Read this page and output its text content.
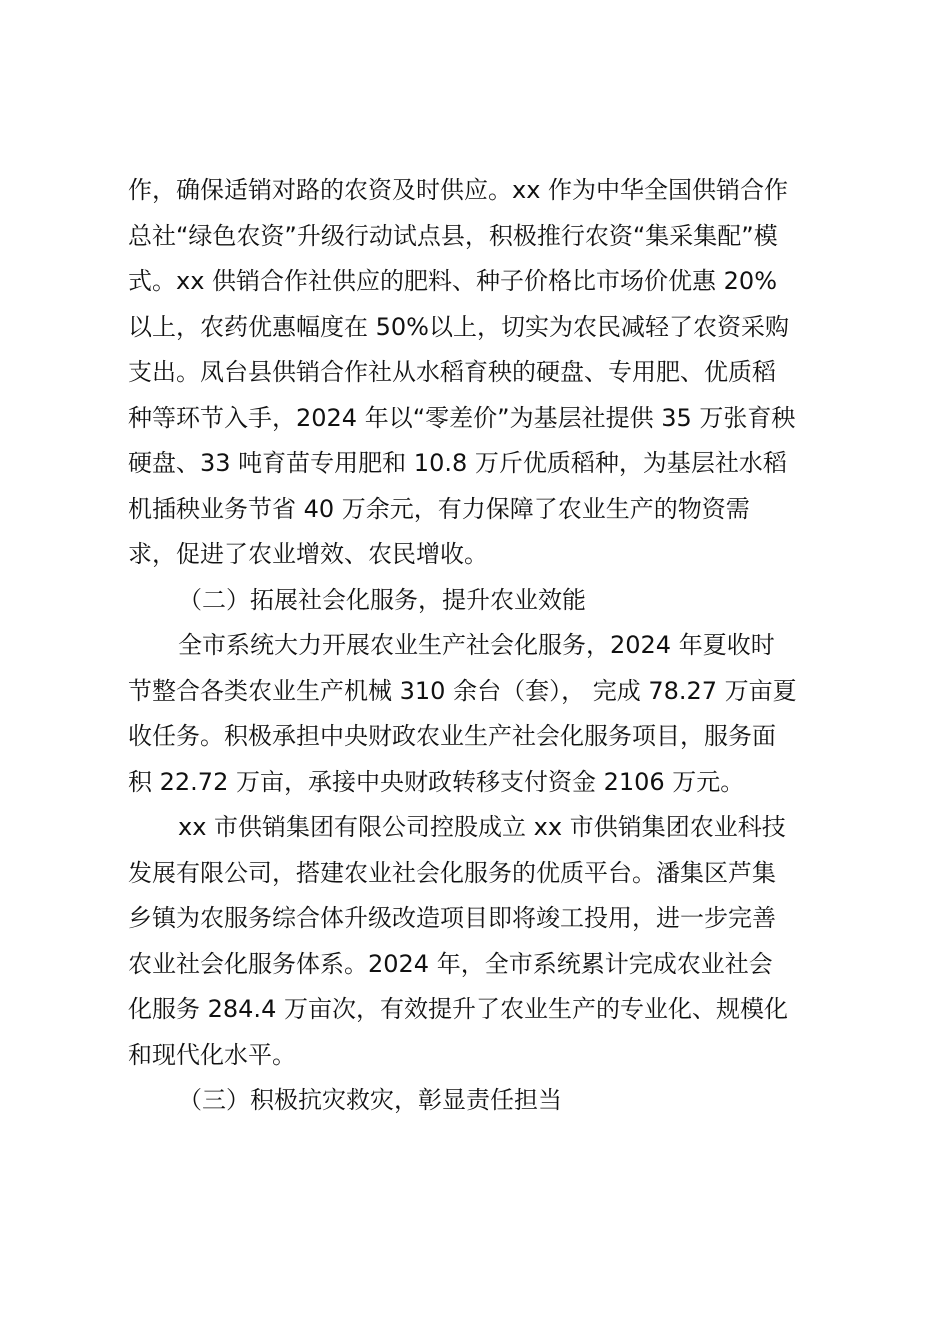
作，确保适销对路的农资及时供应。xx 作为中华全国供销合作
总社“绿色农资”升级行动试点县，积极推行农资“集采集配”模
式。xx 供销合作社供应的肥料、种子价格比市场价优惠 20%
以上，农药优惠幅度在 50%以上，切实为农民减轻了农资采购
支出。凤台县供销合作社从水稻育秧的硬盘、专用肥、优质稻
种等环节入手，2024 年以“零差价”为基层社提供 35 万张育秧
硬盘、33 吨育苗专用肥和 10.8 万斤优质稻种，为基层社水稻
机插秧业务节省 40 万余元，有力保障了农业生产的物资需
求，促进了农业增效、农民增收。
（二）拓展社会化服务，提升农业效能
全市系统大力开展农业生产社会化服务，2024 年夏收时
节整合各类农业生产机械 310 余台（套）， 完成 78.27 万亩夏
收任务。积极承担中央财政农业生产社会化服务项目，服务面
积 22.72 万亩，承接中央财政转移支付资金 2106 万元。
xx 市供销集团有限公司控股成立 xx 市供销集团农业科技
发展有限公司，搭建农业社会化服务的优质平台。潘集区芦集
乡镇为农服务综合体升级改造项目即将竣工投用，进一步完善
农业社会化服务体系。2024 年，全市系统累计完成农业社会
化服务 284.4 万亩次，有效提升了农业生产的专业化、规模化
和现代化水平。
（三）积极抗灾救灾，彰显责任担当
